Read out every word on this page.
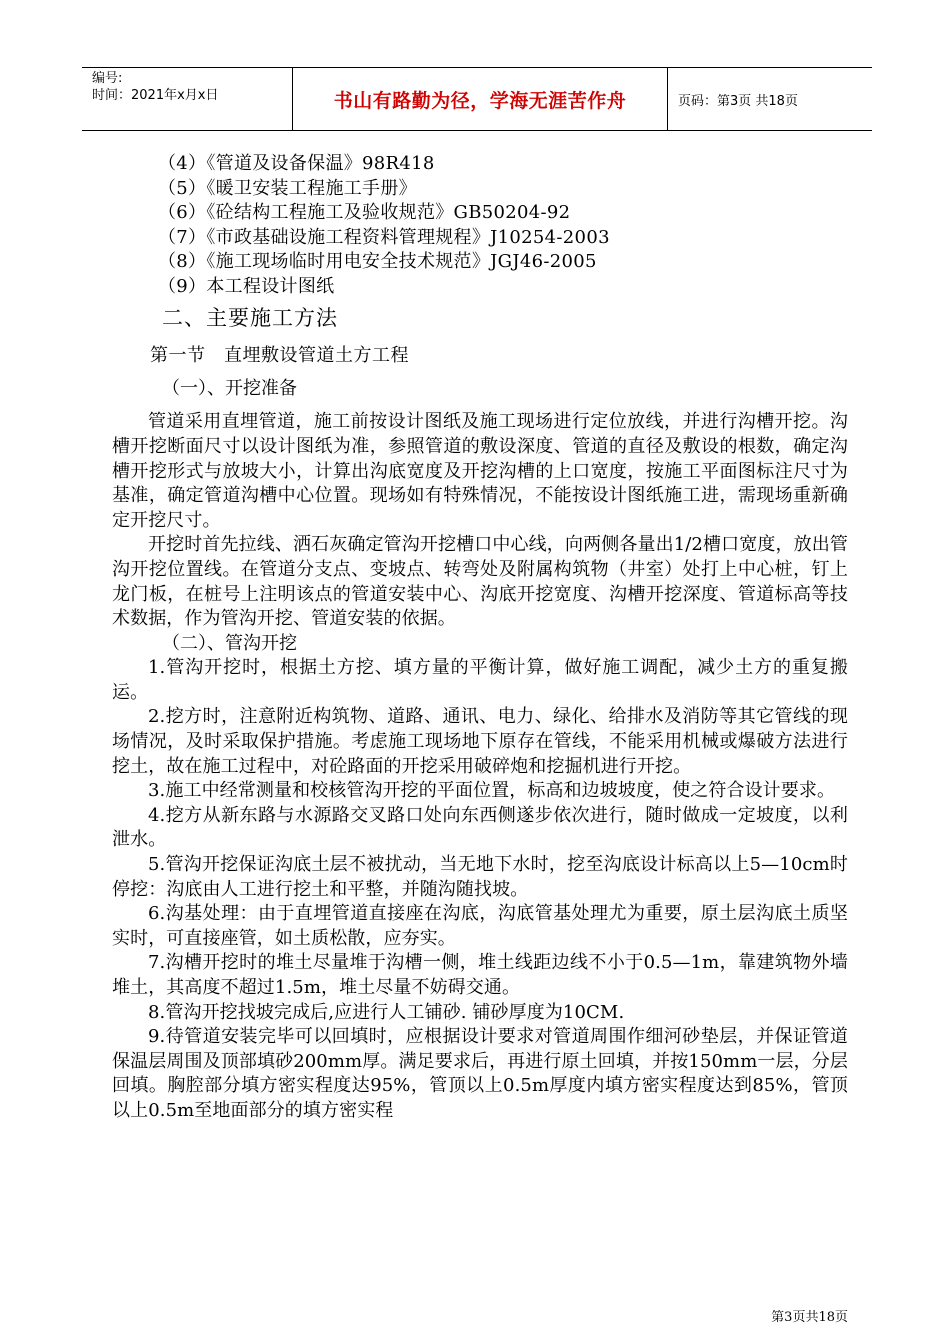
编号:
时间：2021年x月x日	书山有路勤为径，学海无涯苦作舟	页码：第3页 共18页

（4）《管道及设备保温》98R418

（5）《暖卫安装工程施工手册》

（6）《砼结构工程施工及验收规范》GB50204-92

（7）《市政基础设施工程资料管理规程》J10254-2003

（8）《施工现场临时用电安全技术规范》JGJ46-2005

（9）本工程设计图纸

二、主要施工方法

第一节　直埋敷设管道土方工程

（一）、开挖准备

管道采用直埋管道，施工前按设计图纸及施工现场进行定位放线，并进行沟槽开挖。沟槽开挖断面尺寸以设计图纸为准，参照管道的敷设深度、管道的直径及敷设的根数，确定沟槽开挖形式与放坡大小，计算出沟底宽度及开挖沟槽的上口宽度，按施工平面图标注尺寸为基准，确定管道沟槽中心位置。现场如有特殊情况，不能按设计图纸施工进，需现场重新确定开挖尺寸。

开挖时首先拉线、洒石灰确定管沟开挖槽口中心线，向两侧各量出1/2槽口宽度，放出管沟开挖位置线。在管道分支点、变坡点、转弯处及附属构筑物（井室）处打上中心桩，钉上龙门板，在桩号上注明该点的管道安装中心、沟底开挖宽度、沟槽开挖深度、管道标高等技术数据，作为管沟开挖、管道安装的依据。

（二）、管沟开挖

1.管沟开挖时，根据土方挖、填方量的平衡计算，做好施工调配，减少土方的重复搬运。

2.挖方时，注意附近构筑物、道路、通讯、电力、绿化、给排水及消防等其它管线的现场情况，及时采取保护措施。考虑施工现场地下原存在管线，不能采用机械或爆破方法进行挖土，故在施工过程中，对砼路面的开挖采用破碎炮和挖掘机进行开挖。

3.施工中经常测量和校核管沟开挖的平面位置，标高和边坡坡度，使之符合设计要求。

4.挖方从新东路与水源路交叉路口处向东西侧遂步依次进行，随时做成一定坡度，以利泄水。

5.管沟开挖保证沟底土层不被扰动，当无地下水时，挖至沟底设计标高以上5—10cm时停挖：沟底由人工进行挖土和平整，并随沟随找坡。

6.沟基处理：由于直埋管道直接座在沟底，沟底管基处理尤为重要，原土层沟底土质坚实时，可直接座管，如土质松散，应夯实。

7.沟槽开挖时的堆土尽量堆于沟槽一侧，堆土线距边线不小于0.5—1m，靠建筑物外墙堆土，其高度不超过1.5m，堆土尽量不妨碍交通。

8.管沟开挖找坡完成后,应进行人工铺砂. 铺砂厚度为10CM.

9.待管道安装完毕可以回填时，应根据设计要求对管道周围作细河砂垫层，并保证管道保温层周围及顶部填砂200mm厚。满足要求后，再进行原土回填，并按150mm一层，分层回填。胸腔部分填方密实程度达95%，管顶以上0.5m厚度内填方密实程度达到85%，管顶以上0.5m至地面部分的填方密实程

第3页共18页
